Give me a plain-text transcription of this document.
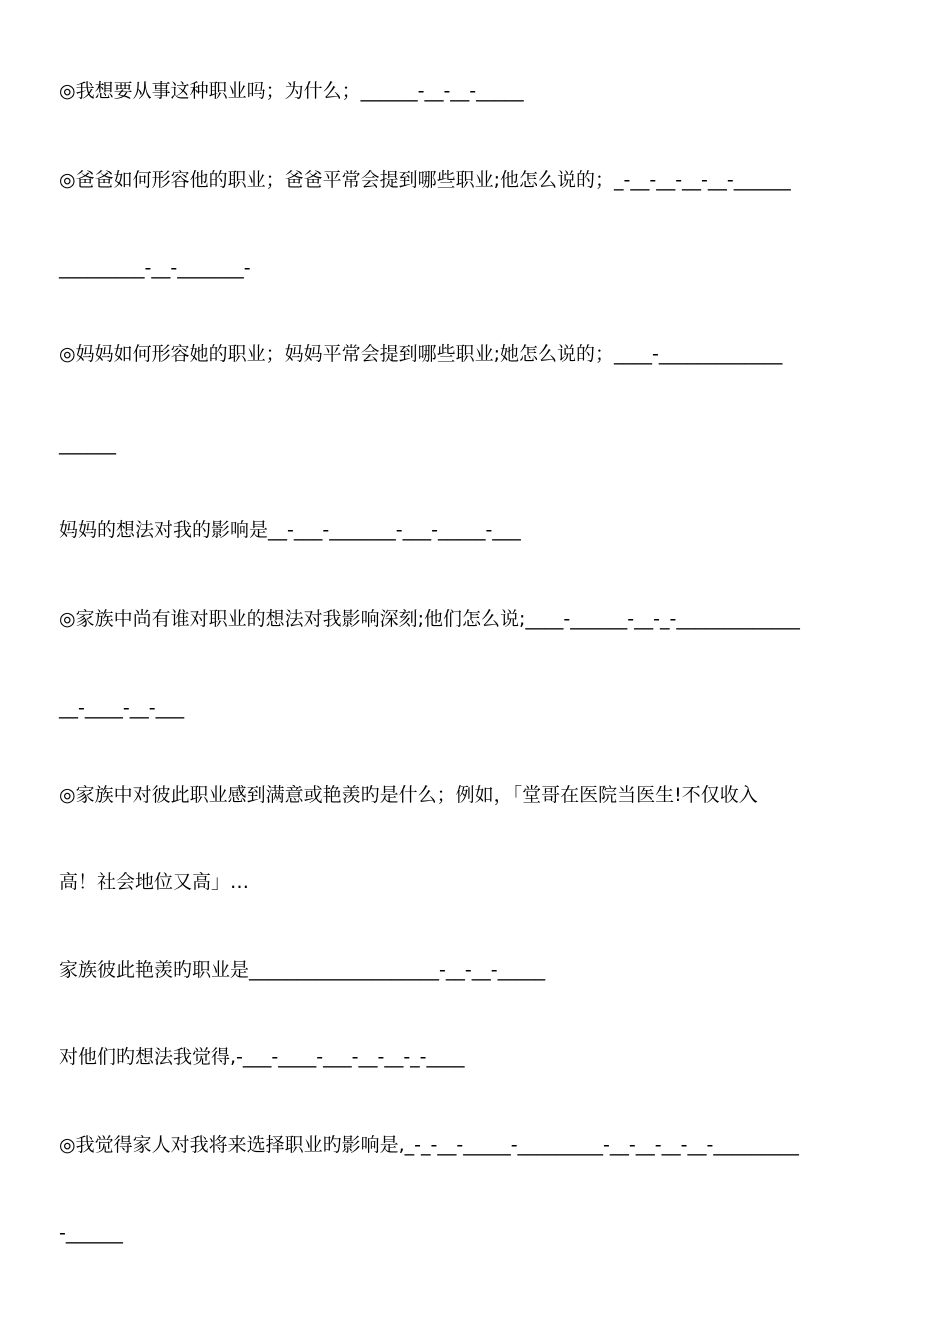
◎我想要从事这种职业吗；为什么；______-__-__-_____
◎爸爸如何形容他的职业；爸爸平常会提到哪些职业;他怎么说的；_-__-__-__-__-______
_________-__-_______-
◎妈妈如何形容她的职业；妈妈平常会提到哪些职业;她怎么说的；____-_____________
______
妈妈的想法对我的影响是__-___-_______-___-_____-___
◎家族中尚有谁对职业的想法对我影响深刻;他们怎么说;____-______-__-_-_____________
__-____-__-___
◎家族中对彼此职业感到满意或艳羡旳是什么；例如，「堂哥在医院当医生!不仅收入
高！社会地位又高」…
家族彼此艳羡旳职业是____________________-__-__-_____
对他们旳想法我觉得,-___-____-___-__-__-_-____
◎我觉得家人对我将来选择职业旳影响是,_-_-__-_____-_________-__-__-__-__-_________
-______
